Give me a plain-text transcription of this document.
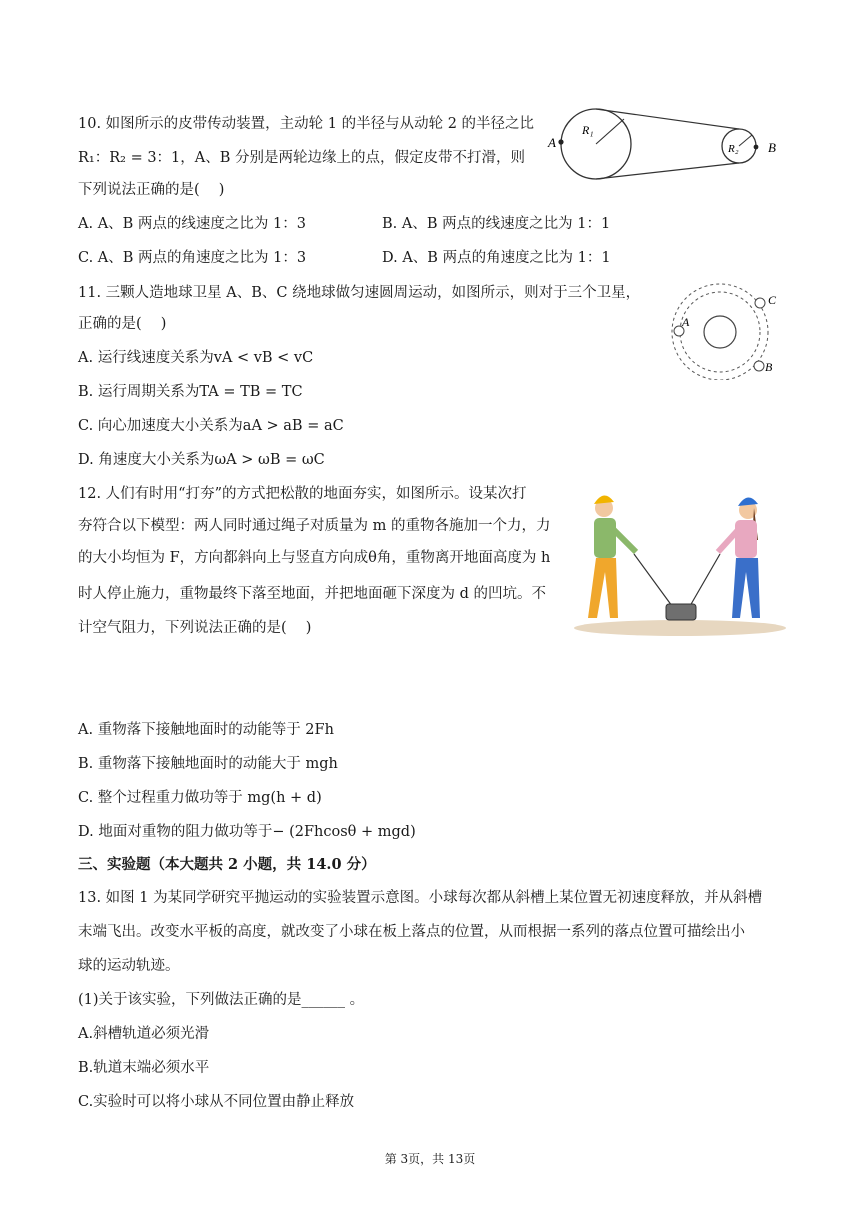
10. 如图所示的皮带传动装置，主动轮 1 的半径与从动轮 2 的半径之比
R₁：R₂ = 3：1，A、B 分别是两轮边缘上的点，假定皮带不打滑，则
下列说法正确的是(　 )
A. A、B 两点的线速度之比为 1：3	B. A、B 两点的线速度之比为 1：1
C. A、B 两点的角速度之比为 1：3	D. A、B 两点的角速度之比为 1：1
A
R₁
R₂ B
11. 三颗人造地球卫星 A、B、C 绕地球做匀速圆周运动，如图所示，则对于三个卫星，
正确的是(　 )
A. 运行线速度关系为vA < vB < vC
B. 运行周期关系为TA = TB = TC
C. 向心加速度大小关系为aA > aB = aC
D. 角速度大小关系为ωA > ωB = ωC
A
C
B
12. 人们有时用“打夯”的方式把松散的地面夯实，如图所示。设某次打
夯符合以下模型：两人同时通过绳子对质量为 m 的重物各施加一个力，力
的大小均恒为 F，方向都斜向上与竖直方向成θ角，重物离开地面高度为 h
时人停止施力，重物最终下落至地面，并把地面砸下深度为 d 的凹坑。不
计空气阻力，下列说法正确的是(　 )
A. 重物落下接触地面时的动能等于 2Fh
B. 重物落下接触地面时的动能大于 mgh
C. 整个过程重力做功等于 mg(h + d)
D. 地面对重物的阻力做功等于− (2Fhcosθ + mgd)
三、实验题（本大题共 2 小题，共 14.0 分）
13. 如图 1 为某同学研究平抛运动的实验装置示意图。小球每次都从斜槽上某位置无初速度释放，并从斜槽
末端飞出。改变水平板的高度，就改变了小球在板上落点的位置，从而根据一系列的落点位置可描绘出小
球的运动轨迹。
(1)关于该实验，下列做法正确的是______ 。
A.斜槽轨道必须光滑
B.轨道末端必须水平
C.实验时可以将小球从不同位置由静止释放
第 3页，共 13页
